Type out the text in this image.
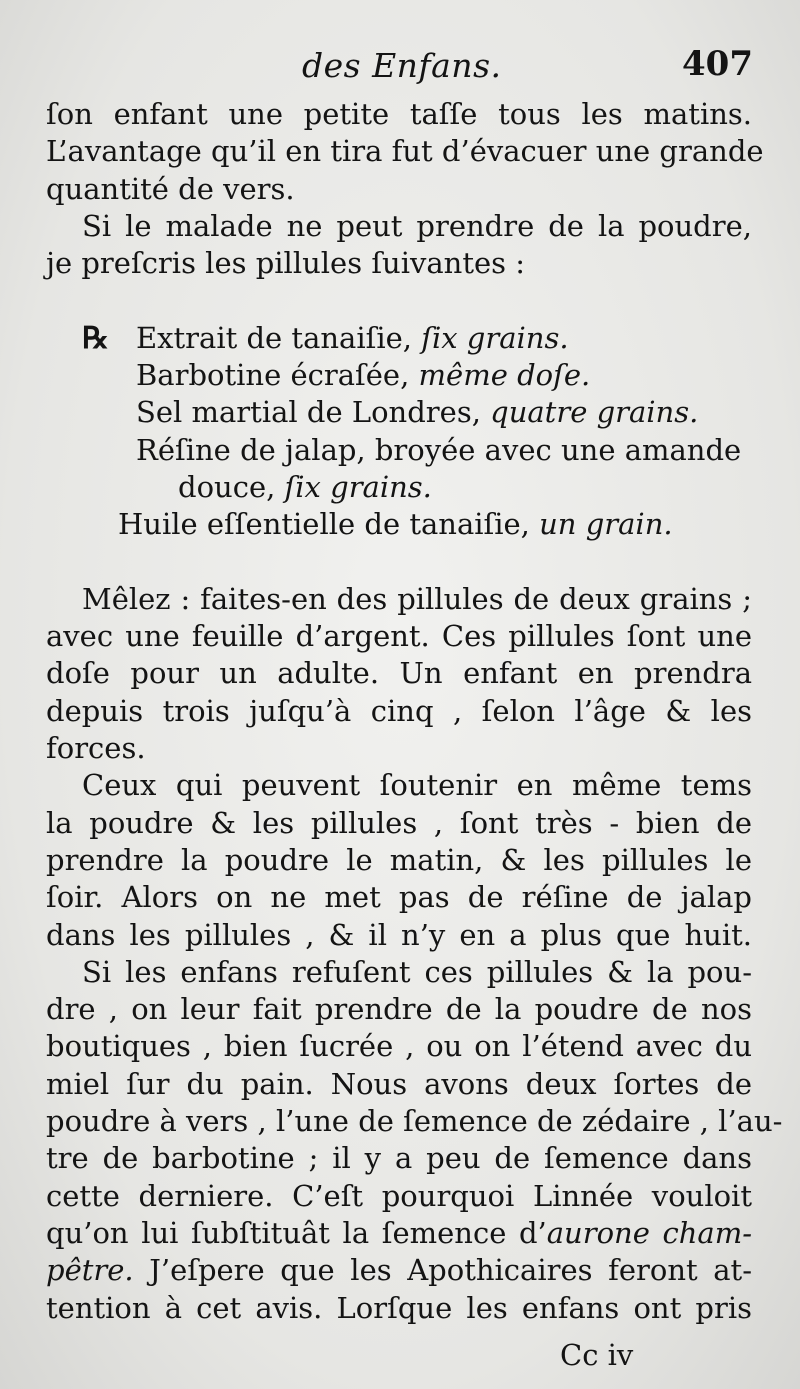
des Enfans.	407
ſon enfant une petite taſſe tous les matins.
L’avantage qu’il en tira fut d’évacuer une grande
quantité de vers.
Si le malade ne peut prendre de la poudre,
je preſcris les pillules ſuivantes :
℞ Extrait de tanaiſie, ſix grains.
Barbotine écraſée, même doſe.
Sel martial de Londres, quatre grains.
Réſine de jalap, broyée avec une amande
douce, ſix grains.
Huile eſſentielle de tanaiſie, un grain.
Mêlez : faites-en des pillules de deux grains ;
avec une feuille d’argent. Ces pillules ſont une
doſe pour un adulte. Un enfant en prendra
depuis trois juſqu’à cinq , ſelon l’âge & les
forces.
Ceux qui peuvent ſoutenir en même tems
la poudre & les pillules , ſont très - bien de
prendre la poudre le matin, & les pillules le
ſoir. Alors on ne met pas de réſine de jalap
dans les pillules , & il n’y en a plus que huit.
Si les enfans refuſent ces pillules & la pou-
dre , on leur fait prendre de la poudre de nos
boutiques , bien ſucrée , ou on l’étend avec du
miel ſur du pain. Nous avons deux ſortes de
poudre à vers , l’une de ſemence de zédaire , l’au-
tre de barbotine ; il y a peu de ſemence dans
cette derniere. C’eſt pourquoi Linnée vouloit
qu’on lui ſubſtituât la ſemence d’aurone cham-
pêtre. J’eſpere que les Apothicaires feront at-
tention à cet avis. Lorſque les enfans ont pris
Cc iv
